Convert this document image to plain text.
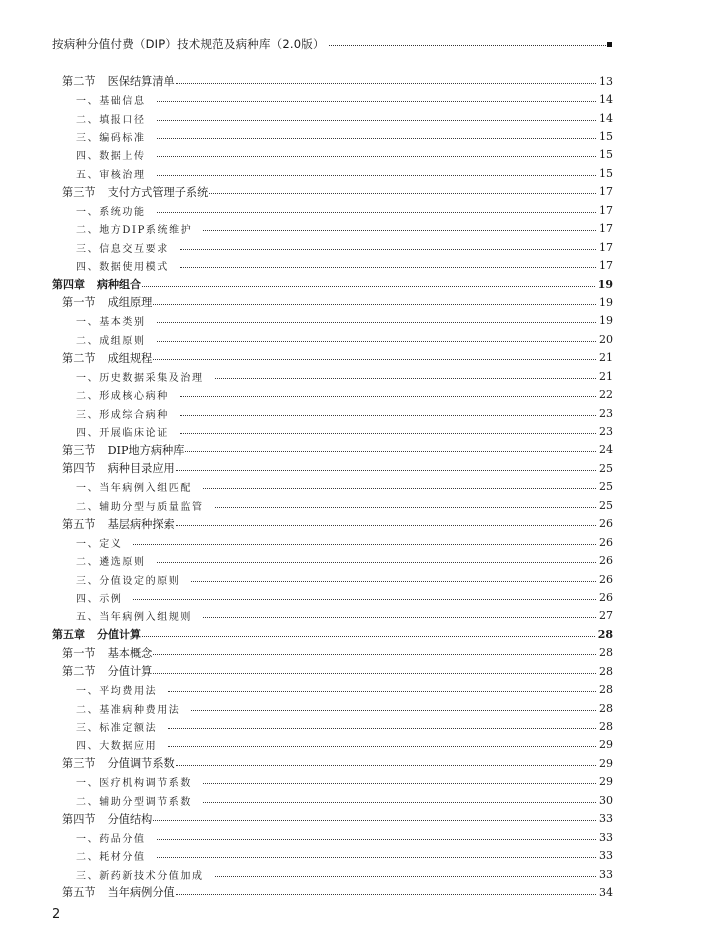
按病种分值付费（DIP）技术规范及病种库（2.0版）
第二节 医保结算清单	13
一、基础信息	14
二、填报口径	14
三、编码标准	15
四、数据上传	15
五、审核治理	15
第三节 支付方式管理子系统	17
一、系统功能	17
二、地方DIP系统维护	17
三、信息交互要求	17
四、数据使用模式	17
第四章 病种组合	19
第一节 成组原理	19
一、基本类别	19
二、成组原则	20
第二节 成组规程	21
一、历史数据采集及治理	21
二、形成核心病种	22
三、形成综合病种	23
四、开展临床论证	23
第三节 DIP地方病种库	24
第四节 病种目录应用	25
一、当年病例入组匹配	25
二、辅助分型与质量监管	25
第五节 基层病种探索	26
一、定义	26
二、遴选原则	26
三、分值设定的原则	26
四、示例	26
五、当年病例入组规则	27
第五章 分值计算	28
第一节 基本概念	28
第二节 分值计算	28
一、平均费用法	28
二、基准病种费用法	28
三、标准定额法	28
四、大数据应用	29
第三节 分值调节系数	29
一、医疗机构调节系数	29
二、辅助分型调节系数	30
第四节 分值结构	33
一、药品分值	33
二、耗材分值	33
三、新药新技术分值加成	33
第五节 当年病例分值	34
2
